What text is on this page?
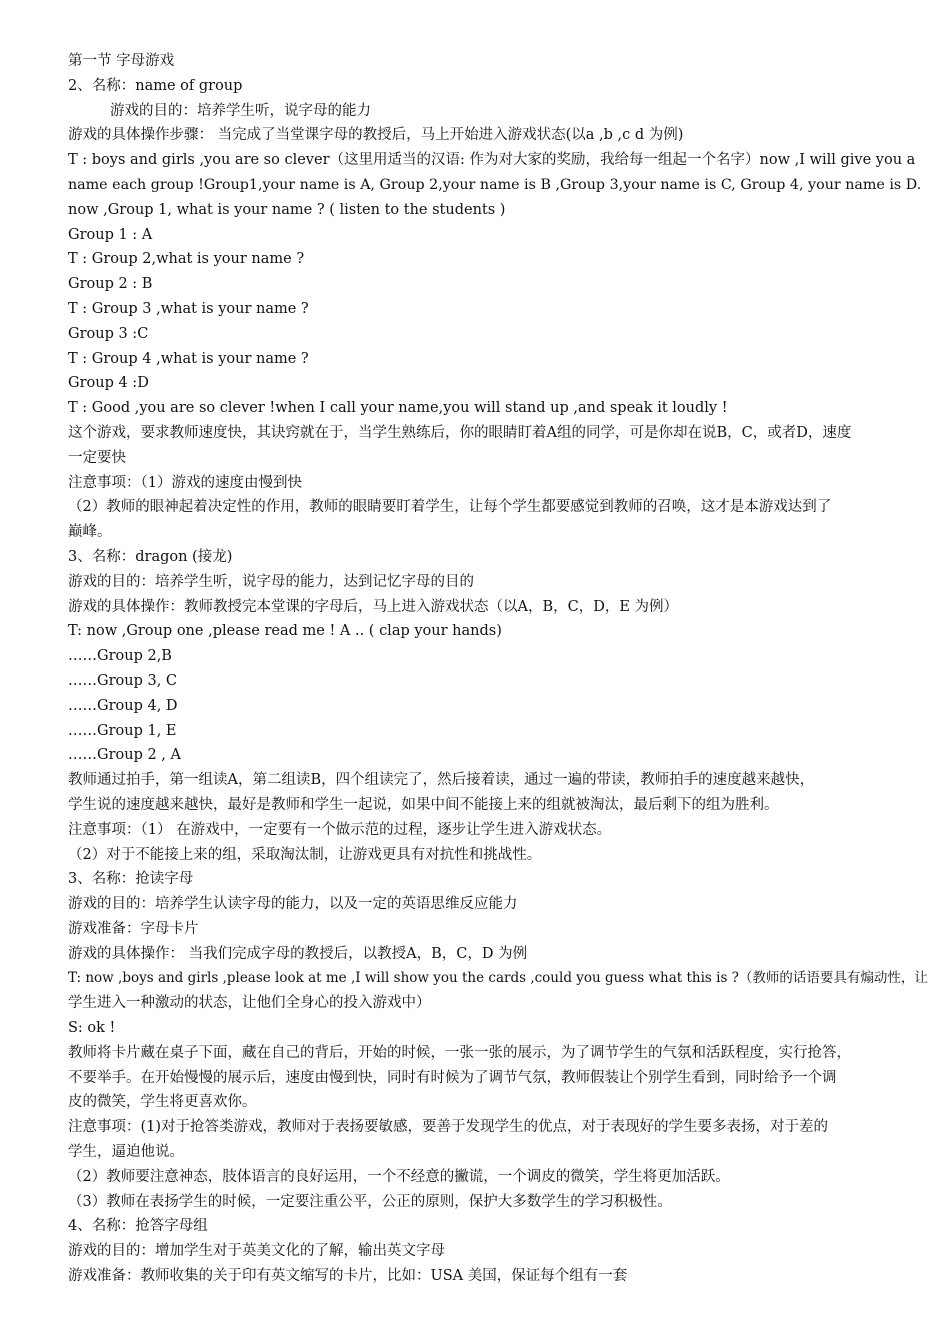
第一节 字母游戏
2、名称：name of group
游戏的目的：培养学生听，说字母的能力
游戏的具体操作步骤： 当完成了当堂课字母的教授后，马上开始进入游戏状态(以a ,b ,c d 为例)
T : boys and girls ,you are so clever（这里用适当的汉语: 作为对大家的奖励，我给每一组起一个名字）now ,I will give you a
name each group !Group1,your name is A, Group 2,your name is B ,Group 3,your name is C, Group 4, your name is D.
now ,Group 1, what is your name ? ( listen to the students )
Group 1 : A
T : Group 2,what is your name ?
Group 2 : B
T : Group 3 ,what is your name ?
Group 3 :C
T : Group 4 ,what is your name ?
Group 4 :D
T : Good ,you are so clever !when I call your name,you will stand up ,and speak it loudly !
这个游戏，要求教师速度快，其诀窍就在于，当学生熟练后，你的眼睛盯着A组的同学，可是你却在说B，C，或者D，速度
一定要快
注意事项：（1）游戏的速度由慢到快
（2）教师的眼神起着决定性的作用，教师的眼睛要盯着学生，让每个学生都要感觉到教师的召唤，这才是本游戏达到了
巅峰。
3、名称：dragon (接龙)
游戏的目的：培养学生听，说字母的能力，达到记忆字母的目的
游戏的具体操作：教师教授完本堂课的字母后，马上进入游戏状态（以A，B，C，D，E 为例）
T: now ,Group one ,please read me ! A .. ( clap your hands)
……Group 2,B
……Group 3, C
……Group 4, D
……Group 1, E
……Group 2 , A
教师通过拍手，第一组读A，第二组读B，四个组读完了，然后接着读，通过一遍的带读，教师拍手的速度越来越快，
学生说的速度越来越快，最好是教师和学生一起说，如果中间不能接上来的组就被淘汰，最后剩下的组为胜利。
注意事项：（1） 在游戏中，一定要有一个做示范的过程，逐步让学生进入游戏状态。
（2）对于不能接上来的组，采取淘汰制，让游戏更具有对抗性和挑战性。
3、名称：抢读字母
游戏的目的：培养学生认读字母的能力，以及一定的英语思维反应能力
游戏准备：字母卡片
游戏的具体操作： 当我们完成字母的教授后，以教授A，B，C，D 为例
T: now ,boys and girls ,please look at me ,I will show you the cards ,could you guess what this is ?（教师的话语要具有煽动性，让
学生进入一种激动的状态，让他们全身心的投入游戏中）
S: ok !
教师将卡片藏在桌子下面，藏在自己的背后，开始的时候，一张一张的展示，为了调节学生的气氛和活跃程度，实行抢答，
不要举手。在开始慢慢的展示后，速度由慢到快，同时有时候为了调节气氛，教师假装让个别学生看到，同时给予一个调
皮的微笑，学生将更喜欢你。
注意事项：(1)对于抢答类游戏，教师对于表扬要敏感，要善于发现学生的优点，对于表现好的学生要多表扬，对于差的
学生，逼迫他说。
（2）教师要注意神态，肢体语言的良好运用，一个不经意的撇谎，一个调皮的微笑，学生将更加活跃。
（3）教师在表扬学生的时候，一定要注重公平，公正的原则，保护大多数学生的学习积极性。
4、名称：抢答字母组
游戏的目的：增加学生对于英美文化的了解，输出英文字母
游戏准备：教师收集的关于印有英文缩写的卡片，比如：USA 美国，保证每个组有一套
